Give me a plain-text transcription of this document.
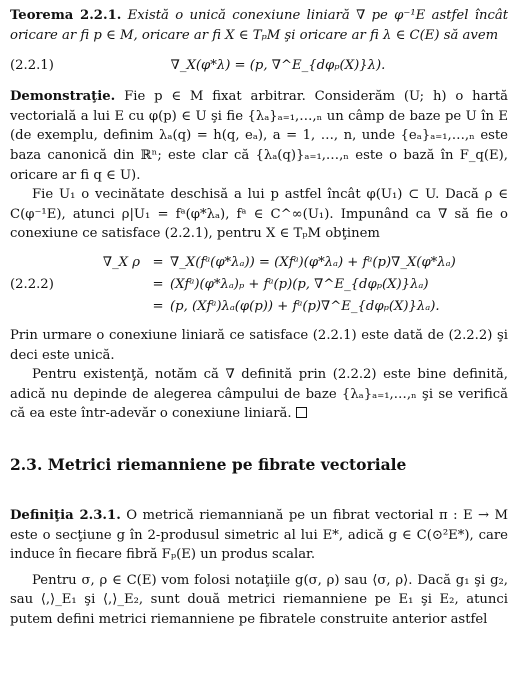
Teorema 2.2.1. Există o unică conexiune liniară ∇ pe φ⁻¹E astfel încât oricare ar fi p ∈ M, oricare ar fi X ∈ TₚM şi oricare ar fi λ ∈ C(E) să avem

(2.2.1)	∇_X(φ*λ) = (p, ∇^E_{dφₚ(X)}λ).

Demonstraţie. Fie p ∈ M fixat arbitrar. Considerăm (U; h) o hartă vectorială a lui E cu φ(p) ∈ U şi fie {λₐ}ₐ₌₁,…,ₙ un câmp de baze pe U în E (de exemplu, definim λₐ(q) = h(q, eₐ), a = 1, …, n, unde {eₐ}ₐ₌₁,…,ₙ este baza canonică din ℝⁿ; este clar că {λₐ(q)}ₐ₌₁,…,ₙ este o bază în F_q(E), oricare ar fi q ∈ U).

Fie U₁ o vecinătate deschisă a lui p astfel încât φ(U₁) ⊂ U. Dacă ρ ∈ C(φ⁻¹E), atunci ρ|U₁ = fᵃ(φ*λₐ), fᵃ ∈ C^∞(U₁). Impunând ca ∇ să fie o conexiune ce satisface (2.2.1), pentru X ∈ TₚM obţinem

(2.2.2)
∇_X ρ = ∇_X(fᵃ(φ*λₐ)) = (Xfᵃ)(φ*λₐ) + fᵃ(p)∇_X(φ*λₐ)
= (Xfᵃ)(φ*λₐ)ₚ + fᵃ(p)(p, ∇^E_{dφₚ(X)}λₐ)
= (p, (Xfᵃ)λₐ(φ(p)) + fᵃ(p)∇^E_{dφₚ(X)}λₐ).

Prin urmare o conexiune liniară ce satisface (2.2.1) este dată de (2.2.2) şi deci este unică.

Pentru existenţă, notăm că ∇ definită prin (2.2.2) este bine definită, adică nu depinde de alegerea câmpului de baze {λₐ}ₐ₌₁,…,ₙ şi se verifică că ea este într-adevăr o conexiune liniară.

2.3. Metrici riemanniene pe fibrate vectoriale

Definiţia 2.3.1. O metrică riemanniană pe un fibrat vectorial π : E → M este o secţiune g în 2-produsul simetric al lui E*, adică g ∈ C(⊙²E*), care induce în fiecare fibră Fₚ(E) un produs scalar.

Pentru σ, ρ ∈ C(E) vom folosi notaţiile g(σ, ρ) sau ⟨σ, ρ⟩. Dacă g₁ şi g₂, sau ⟨,⟩_E₁ şi ⟨,⟩_E₂, sunt două metrici riemanniene pe E₁ şi E₂, atunci putem defini metrici riemanniene pe fibratele construite anterior astfel
